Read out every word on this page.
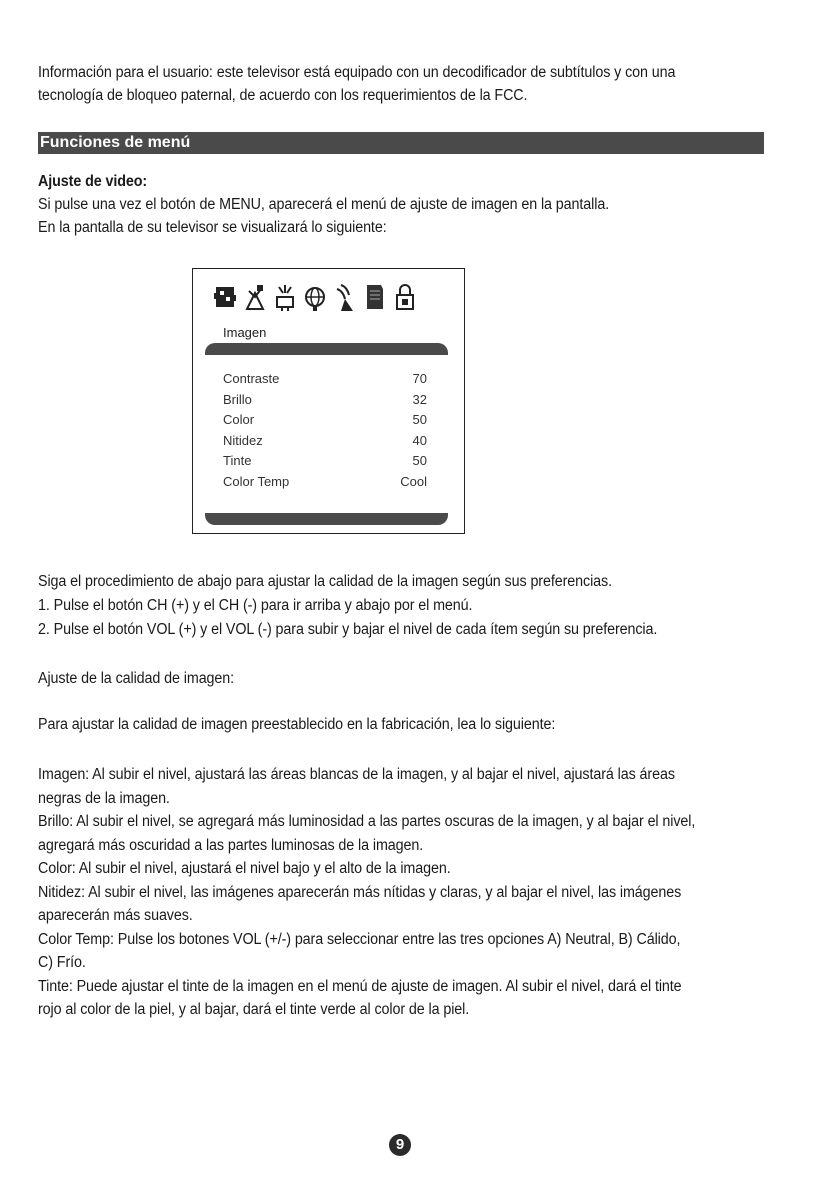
Información para el usuario: este televisor está equipado con un decodificador de subtítulos y con una

tecnología de bloqueo paternal, de acuerdo con los requerimientos de la FCC.

Funciones de menú

Ajuste de video:

Si pulse una vez el botón de MENU, aparecerá el menú de ajuste de imagen en la pantalla.

En la pantalla de su televisor se visualizará lo siguiente:

Imagen
Contraste	70
Brillo	32
Color	50
Nitidez	40
Tinte	50
Color Temp	Cool

Siga el procedimiento de abajo para ajustar la calidad de la imagen según sus preferencias.

1. Pulse el botón CH (+) y el CH (-) para ir arriba y abajo por el menú.

2. Pulse el botón VOL (+) y el VOL (-) para subir y bajar el nivel de cada ítem según su preferencia.

Ajuste de la calidad de imagen:

Para ajustar la calidad de imagen preestablecido en la fabricación, lea lo siguiente:

Imagen: Al subir el nivel, ajustará las áreas blancas de la imagen, y al bajar el nivel, ajustará las áreas

negras de la imagen.

Brillo: Al subir el nivel, se agregará más luminosidad a las partes oscuras de la imagen, y al bajar el nivel,

agregará más oscuridad a las partes luminosas de la imagen.

Color: Al subir el nivel, ajustará el nivel bajo y el alto de la imagen.

Nitidez: Al subir el nivel, las imágenes aparecerán más nítidas y claras, y al bajar el nivel, las imágenes

aparecerán más suaves.

Color Temp: Pulse los botones VOL (+/-) para seleccionar entre las tres opciones A) Neutral, B) Cálido,

C) Frío.

Tinte: Puede ajustar el tinte de la imagen en el menú de ajuste de imagen. Al subir el nivel, dará el tinte

rojo al color de la piel, y al bajar, dará el tinte verde al color de la piel.

9
